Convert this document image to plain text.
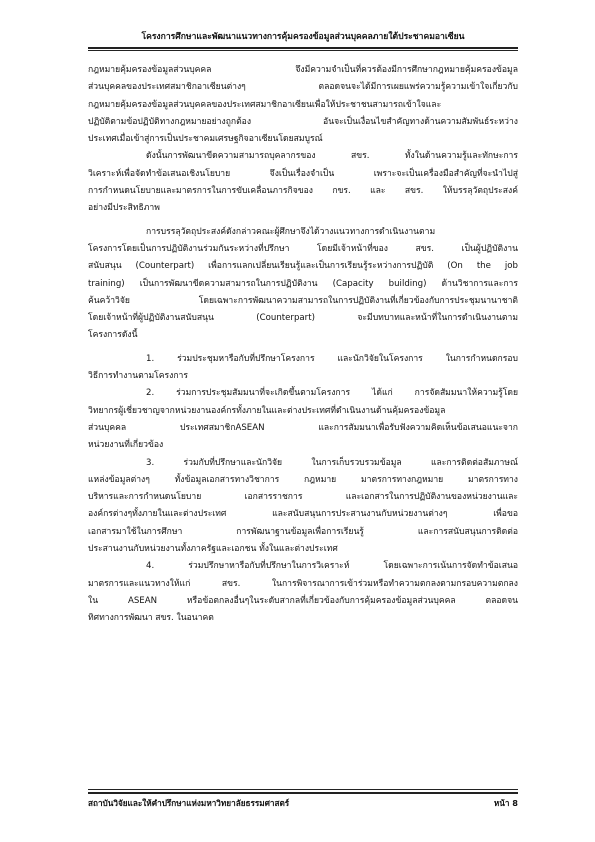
โครงการศึกษาและพัฒนาแนวทางการคุ้มครองข้อมูลส่วนบุคคลภายใต้ประชาคมอาเซียน
กฎหมายคุ้มครองข้อมูลส่วนบุคคล จึงมีความจำเป็นที่ควรต้องมีการศึกษากฎหมายคุ้มครองข้อมูล
ส่วนบุคคลของประเทศสมาชิกอาเซียนต่างๆ ตลอดจนจะได้มีการเผยแพร่ความรู้ความเข้าใจเกี่ยวกับ
กฎหมายคุ้มครองข้อมูลส่วนบุคคลของประเทศสมาชิกอาเซียนเพื่อให้ประชาชนสามารถเข้าใจและ
ปฏิบัติตามข้อปฏิบัติทางกฎหมายอย่างถูกต้อง อันจะเป็นเงื่อนไขสำคัญทางด้านความสัมพันธ์ระหว่าง
ประเทศเมื่อเข้าสู่การเป็นประชาคมเศรษฐกิจอาเซียนโดยสมบูรณ์
ดังนั้นการพัฒนาขีดความสามารถบุคลากรของ สขร. ทั้งในด้านความรู้และทักษะการ
วิเคราะห์เพื่อจัดทำข้อเสนอเชิงนโยบาย จึงเป็นเรื่องจำเป็น เพราะจะเป็นเครื่องมือสำคัญที่จะนำไปสู่
การกำหนดนโยบายและมาตรการในการขับเคลื่อนภารกิจของ กขร. และ สขร. ให้บรรลุวัตถุประสงค์
อย่างมีประสิทธิภาพ
การบรรลุวัตถุประสงค์ดังกล่าวคณะผู้ศึกษาจึงได้วางแนวทางการดำเนินงานตาม
โครงการโดยเป็นการปฏิบัติงานร่วมกันระหว่างที่ปรึกษา โดยมีเจ้าหน้าที่ของ สขร. เป็นผู้ปฏิบัติงาน
สนับสนุน (Counterpart) เพื่อการแลกเปลี่ยนเรียนรู้และเป็นการเรียนรู้ระหว่างการปฏิบัติ (On the job
training) เป็นการพัฒนาขีดความสามารถในการปฏิบัติงาน (Capacity building) ด้านวิชาการและการ
ค้นคว้าวิจัย โดยเฉพาะการพัฒนาความสามารถในการปฏิบัติงานที่เกี่ยวข้องกับการประชุมนานาชาติ
โดยเจ้าหน้าที่ผู้ปฏิบัติงานสนับสนุน (Counterpart) จะมีบทบาทและหน้าที่ในการดำเนินงานตาม
โครงการดังนี้
1. ร่วมประชุมหารือกับที่ปรึกษาโครงการ และนักวิจัยในโครงการ ในการกำหนดกรอบ
วิธีการทำงานตามโครงการ
2. ร่วมการประชุมสัมมนาที่จะเกิดขึ้นตามโครงการ ได้แก่ การจัดสัมมนาให้ความรู้โดย
วิทยากรผู้เชี่ยวชาญจากหน่วยงานองค์กรทั้งภายในและต่างประเทศที่ดำเนินงานด้านคุ้มครองข้อมูล
ส่วนบุคคล ประเทศสมาชิกASEAN และการสัมมนาเพื่อรับฟังความคิดเห็นข้อเสนอแนะจาก
หน่วยงานที่เกี่ยวข้อง
3. ร่วมกับที่ปรึกษาและนักวิจัย ในการเก็บรวบรวมข้อมูล และการติดต่อสัมภาษณ์
แหล่งข้อมูลต่างๆ ทั้งข้อมูลเอกสารทางวิชาการ กฎหมาย มาตรการทางกฎหมาย มาตรการทาง
บริหารและการกำหนดนโยบาย เอกสารราชการ และเอกสารในการปฏิบัติงานของหน่วยงานและ
องค์กรต่างๆทั้งภายในและต่างประเทศ และสนับสนุนการประสานงานกับหน่วยงานต่างๆ เพื่อขอ
เอกสารมาใช้ในการศึกษา การพัฒนาฐานข้อมูลเพื่อการเรียนรู้ และการสนับสนุนการติดต่อ
ประสานงานกับหน่วยงานทั้งภาครัฐและเอกชน ทั้งในและต่างประเทศ
4. ร่วมปรึกษาหารือกับที่ปรึกษาในการวิเคราะห์ โดยเฉพาะการเน้นการจัดทำข้อเสนอ
มาตรการและแนวทางให้แก่ สขร. ในการพิจารณาการเข้าร่วมหรือทำความตกลงตามกรอบความตกลง
ใน ASEAN หรือข้อตกลงอื่นๆในระดับสากลที่เกี่ยวข้องกับการคุ้มครองข้อมูลส่วนบุคคล ตลอดจน
ทิศทางการพัฒนา สขร. ในอนาคต
สถาบันวิจัยและให้คำปรึกษาแห่งมหาวิทยาลัยธรรมศาสตร์	หน้า 8
